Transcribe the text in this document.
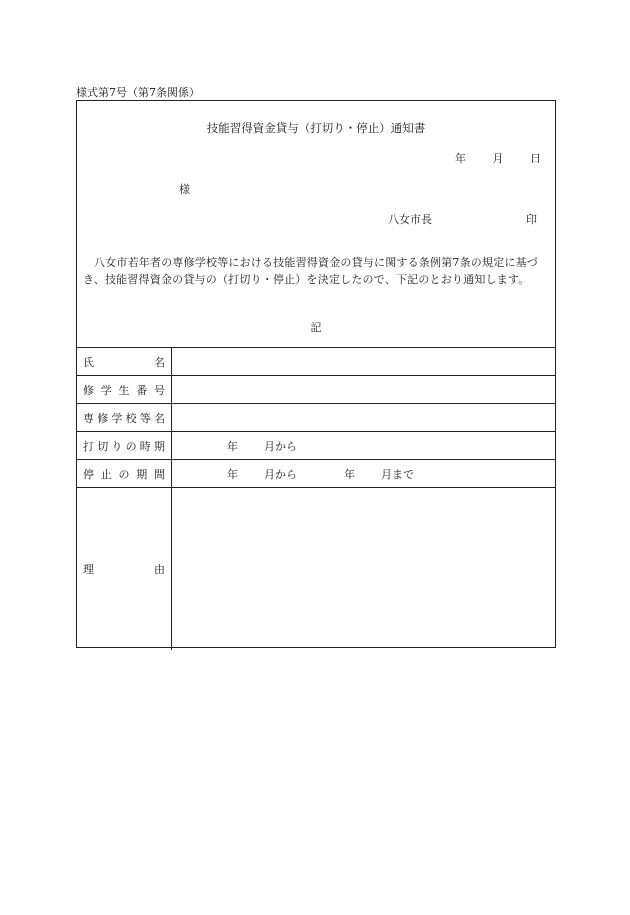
様式第7号（第7条関係）
技能習得資金貸与（打切り・停止）通知書
年 月 日
様
八女市長	印
八女市若年者の専修学校等における技能習得資金の貸与に関する条例第7条の規定に基づき、技能習得資金の貸与の（打切り・停止）を決定したので、下記のとおり通知します。
記
氏	名
修 学 生 番 号
専 修 学 校 等 名
打 切 り の 時 期	年 月から
停 止 の 期 間	年 月から	年 月まで
理	由
